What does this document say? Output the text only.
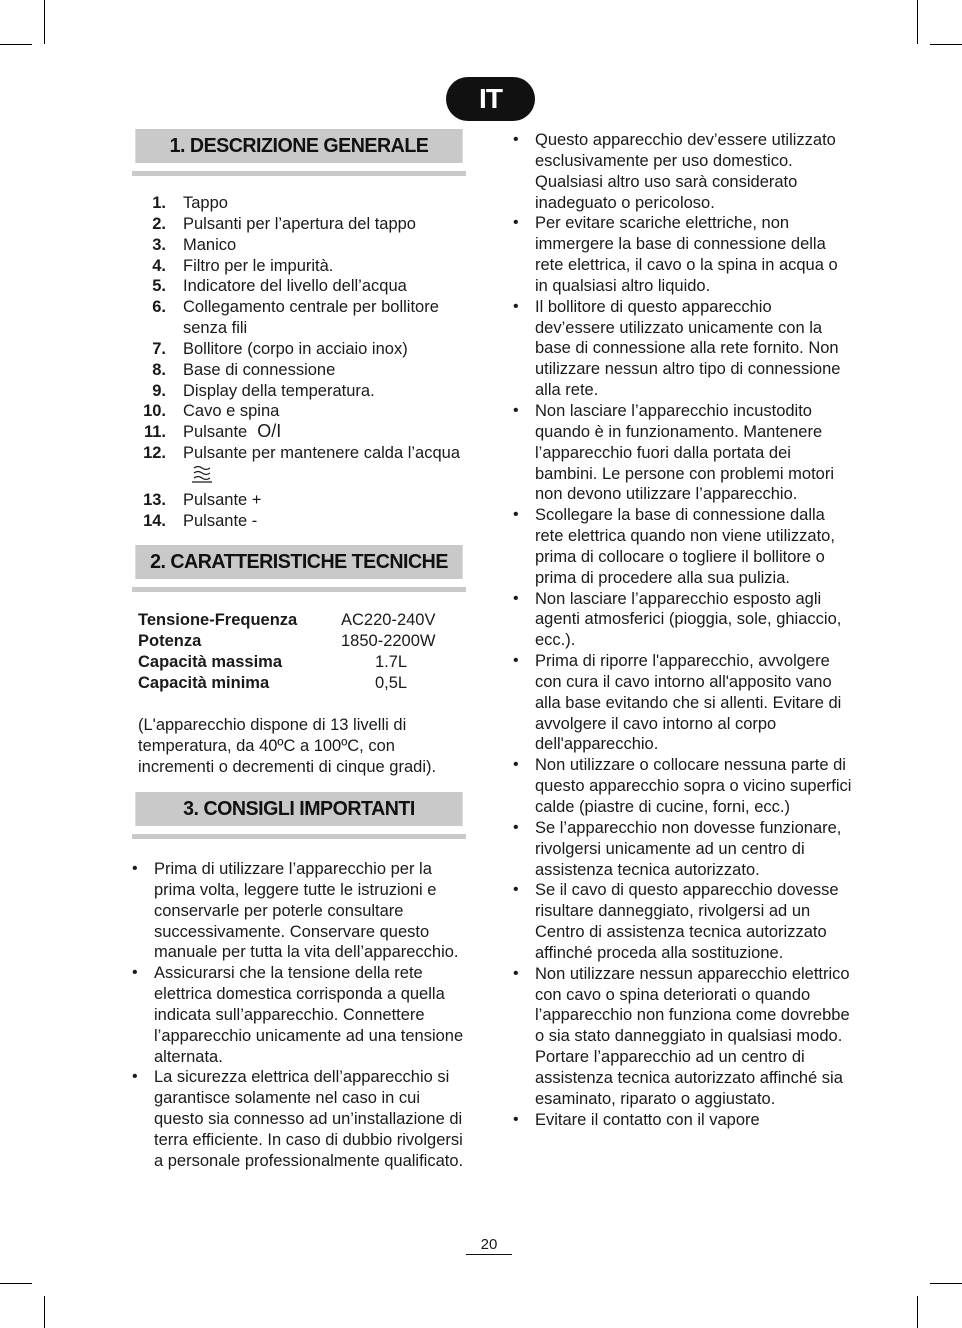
IT
1. DESCRIZIONE GENERALE
1.	Tappo
2.	Pulsanti per l’apertura del tappo
3.	Manico
4.	Filtro per le impurità.
5.	Indicatore del livello dell’acqua
6.	Collegamento centrale per bollitore senza fili
7.	Bollitore (corpo in acciaio inox)
8.	Base di connessione
9.	Display della temperatura.
10.	Cavo e spina
11.	Pulsante O/I
12.	Pulsante per mantenere calda l’acqua
13.	Pulsante +
14.	Pulsante -
2. CARATTERISTICHE TECNICHE
Tensione-Frequenza	AC220-240V
Potenza	1850-2200W
Capacità massima	1.7L
Capacità minima	0,5L
(L'apparecchio dispone di 13 livelli di temperatura, da 40ºC a 100ºC, con incrementi o decrementi di cinque gradi).
3. CONSIGLI IMPORTANTI
• Prima di utilizzare l’apparecchio per la prima volta, leggere tutte le istruzioni e conservarle per poterle consultare successivamente. Conservare questo manuale per tutta la vita dell’apparecchio.
• Assicurarsi che la tensione della rete elettrica domestica corrisponda a quella indicata sull’apparecchio. Connettere l’apparecchio unicamente ad una tensione alternata.
• La sicurezza elettrica dell’apparecchio si garantisce solamente nel caso in cui questo sia connesso ad un’installazione di terra efficiente. In caso di dubbio rivolgersi a personale professionalmente qualificato.
• Questo apparecchio dev’essere utilizzato esclusivamente per uso domestico. Qualsiasi altro uso sarà considerato inadeguato o pericoloso.
• Per evitare scariche elettriche, non immergere la base di connessione della rete elettrica, il cavo o la spina in acqua o in qualsiasi altro liquido.
• Il bollitore di questo apparecchio dev’essere utilizzato unicamente con la base di connessione alla rete fornito. Non utilizzare nessun altro tipo di connessione alla rete.
• Non lasciare l’apparecchio incustodito quando è in funzionamento. Mantenere l’apparecchio fuori dalla portata dei bambini. Le persone con problemi motori non devono utilizzare l’apparecchio.
• Scollegare la base di connessione dalla rete elettrica quando non viene utilizzato, prima di collocare o togliere il bollitore o prima di procedere alla sua pulizia.
• Non lasciare l’apparecchio esposto agli agenti atmosferici (pioggia, sole, ghiaccio, ecc.).
• Prima di riporre l'apparecchio, avvolgere con cura il cavo intorno all'apposito vano alla base evitando che si allenti. Evitare di avvolgere il cavo intorno al corpo dell'apparecchio.
• Non utilizzare o collocare nessuna parte di questo apparecchio sopra o vicino superfici calde (piastre di cucine, forni, ecc.)
• Se l’apparecchio non dovesse funzionare, rivolgersi unicamente ad un centro di assistenza tecnica autorizzato.
• Se il cavo di questo apparecchio dovesse risultare danneggiato, rivolgersi ad un Centro di assistenza tecnica autorizzato affinché proceda alla sostituzione.
• Non utilizzare nessun apparecchio elettrico con cavo o spina deteriorati o quando l’apparecchio non funziona come dovrebbe o sia stato danneggiato in qualsiasi modo. Portare l’apparecchio ad un centro di assistenza tecnica autorizzato affinché sia esaminato, riparato o aggiustato.
• Evitare il contatto con il vapore
20
